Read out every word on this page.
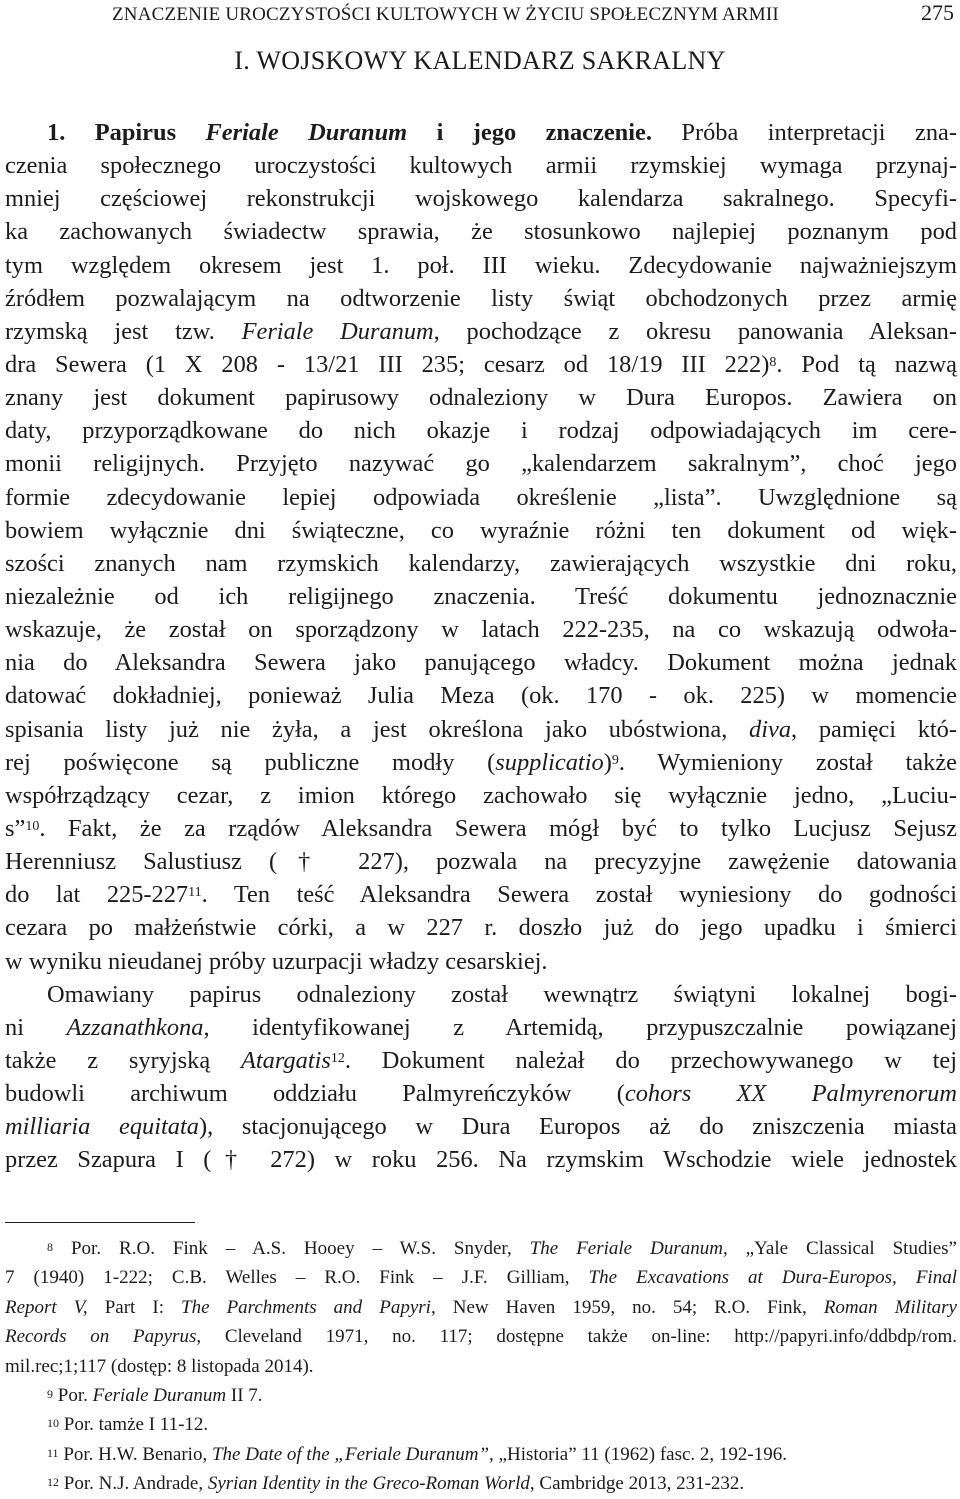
ZNACZENIE UROCZYSTOŚCI KULTOWYCH W ŻYCIU SPOŁECZNYM ARMII	275
I. WOJSKOWY KALENDARZ SAKRALNY
1. Papirus Feriale Duranum i jego znaczenie. Próba interpretacji zna-
czenia społecznego uroczystości kultowych armii rzymskiej wymaga przynaj-
mniej częściowej rekonstrukcji wojskowego kalendarza sakralnego. Specyfi-
ka zachowanych świadectw sprawia, że stosunkowo najlepiej poznanym pod
tym względem okresem jest 1. poł. III wieku. Zdecydowanie najważniejszym
źródłem pozwalającym na odtworzenie listy świąt obchodzonych przez armię
rzymską jest tzw. Feriale Duranum, pochodzące z okresu panowania Aleksan-
dra Sewera (1 X 208 - 13/21 III 235; cesarz od 18/19 III 222)$^8$. Pod tą nazwą
znany jest dokument papirusowy odnaleziony w Dura Europos. Zawiera on
daty, przyporządkowane do nich okazje i rodzaj odpowiadających im cere-
monii religijnych. Przyjęto nazywać go „kalendarzem sakralnym”, choć jego
formie zdecydowanie lepiej odpowiada określenie „lista”. Uwzględnione są
bowiem wyłącznie dni świąteczne, co wyraźnie różni ten dokument od więk-
szości znanych nam rzymskich kalendarzy, zawierających wszystkie dni roku,
niezależnie od ich religijnego znaczenia. Treść dokumentu jednoznacznie
wskazuje, że został on sporządzony w latach 222-235, na co wskazują odwoła-
nia do Aleksandra Sewera jako panującego władcy. Dokument można jednak
datować dokładniej, ponieważ Julia Meza (ok. 170 - ok. 225) w momencie
spisania listy już nie żyła, a jest określona jako ubóstwiona, diva, pamięci któ-
rej poświęcone są publiczne modły (supplicatio)$^9$. Wymieniony został także
współrządzący cezar, z imion którego zachowało się wyłącznie jedno, „Luciu-
s”$^{10}$. Fakt, że za rządów Aleksandra Sewera mógł być to tylko Lucjusz Sejusz
Herenniusz Salustiusz († 227), pozwala na precyzyjne zawężenie datowania
do lat $225-227^{11}$. Ten teść Aleksandra Sewera został wyniesiony do godności
cezara po małżeństwie córki, a w 227 r. doszło już do jego upadku i śmierci
w wyniku nieudanej próby uzurpacji władzy cesarskiej.
Omawiany papirus odnaleziony został wewnątrz świątyni lokalnej bogi-
ni Azzanathkona, identyfikowanej z Artemidą, przypuszczalnie powiązanej
także z syryjską Atargatis$^{12}$. Dokument należał do przechowywanego w tej
budowli archiwum oddziału Palmyreńczyków (cohors XX Palmyrenorum
milliaria equitata), stacjonującego w Dura Europos aż do zniszczenia miasta
przez Szapura I († 272) w roku 256. Na rzymskim Wschodzie wiele jednostek
$^8$ Por. R.O. Fink – A.S. Hooey – W.S. Snyder, The Feriale Duranum, „Yale Classical Studies”
7 (1940) 1-222; C.B. Welles – R.O. Fink – J.F. Gilliam, The Excavations at Dura-Europos, Final
Report V, Part I: The Parchments and Papyri, New Haven 1959, no. 54; R.O. Fink, Roman Military
Records on Papyrus, Cleveland 1971, no. 117; dostępne także on-line: http://papyri.info/ddbdp/rom.
mil.rec;1;117 (dostęp: 8 listopada 2014).
$^9$ Por. Feriale Duranum II 7.
$^{10}$ Por. tamże I 11-12.
$^{11}$ Por. H.W. Benario, The Date of the „Feriale Duranum”, „Historia” 11 (1962) fasc. 2, 192-196.
$^{12}$ Por. N.J. Andrade, Syrian Identity in the Greco-Roman World, Cambridge 2013, 231-232.
